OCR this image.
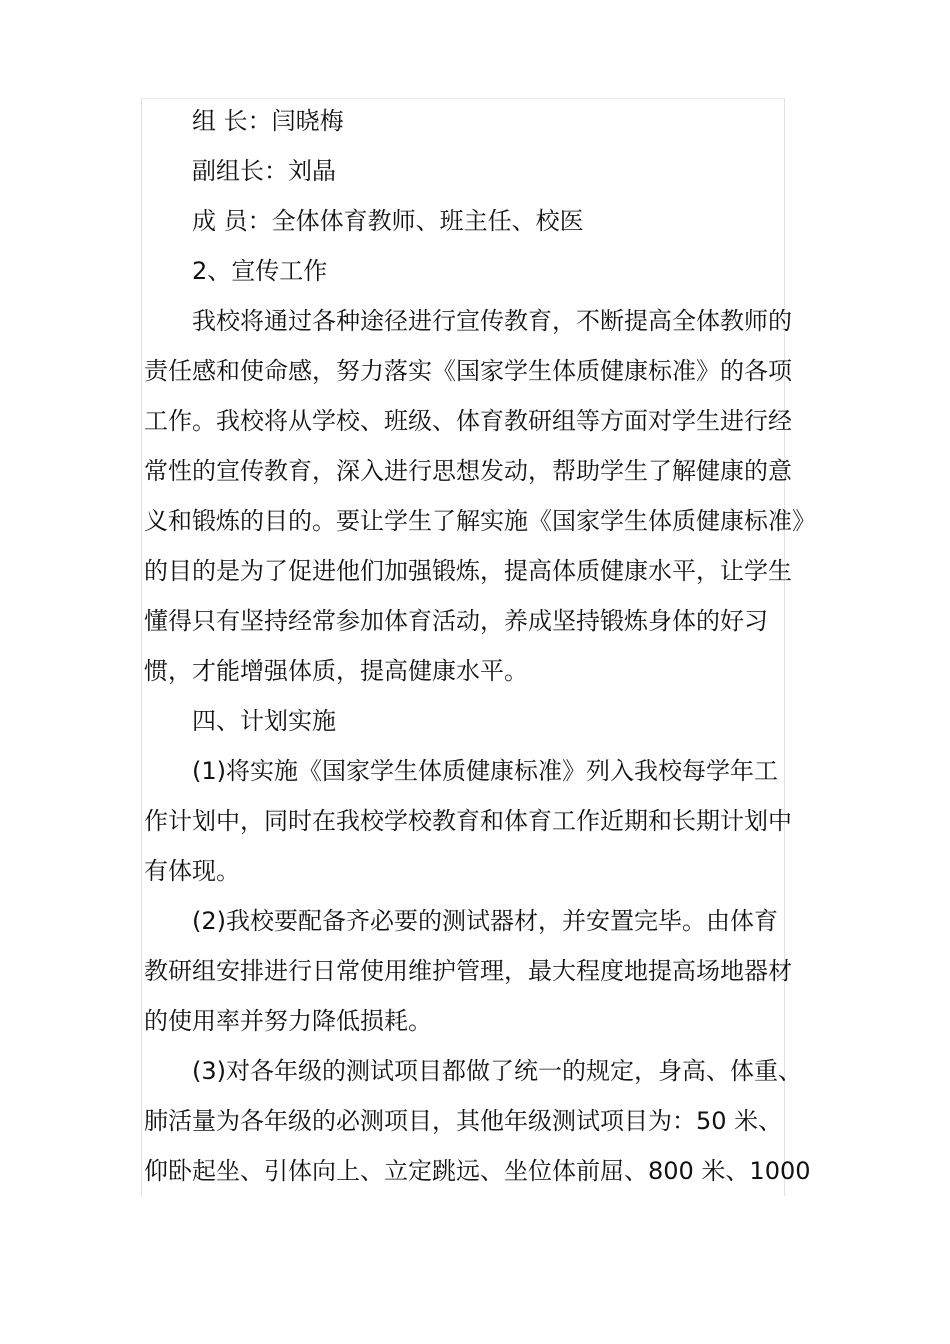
组 长：闫晓梅
副组长：刘晶
成 员：全体体育教师、班主任、校医
2、宣传工作
我校将通过各种途径进行宣传教育，不断提高全体教师的
责任感和使命感，努力落实《国家学生体质健康标准》的各项
工作。我校将从学校、班级、体育教研组等方面对学生进行经
常性的宣传教育，深入进行思想发动，帮助学生了解健康的意
义和锻炼的目的。要让学生了解实施《国家学生体质健康标准》
的目的是为了促进他们加强锻炼，提高体质健康水平，让学生
懂得只有坚持经常参加体育活动，养成坚持锻炼身体的好习
惯，才能增强体质，提高健康水平。
四、计划实施
(1)将实施《国家学生体质健康标准》列入我校每学年工
作计划中，同时在我校学校教育和体育工作近期和长期计划中
有体现。
(2)我校要配备齐必要的测试器材，并安置完毕。由体育
教研组安排进行日常使用维护管理，最大程度地提高场地器材
的使用率并努力降低损耗。
(3)对各年级的测试项目都做了统一的规定，身高、体重、
肺活量为各年级的必测项目，其他年级测试项目为：50 米、
仰卧起坐、引体向上、立定跳远、坐位体前屈、800 米、1000
